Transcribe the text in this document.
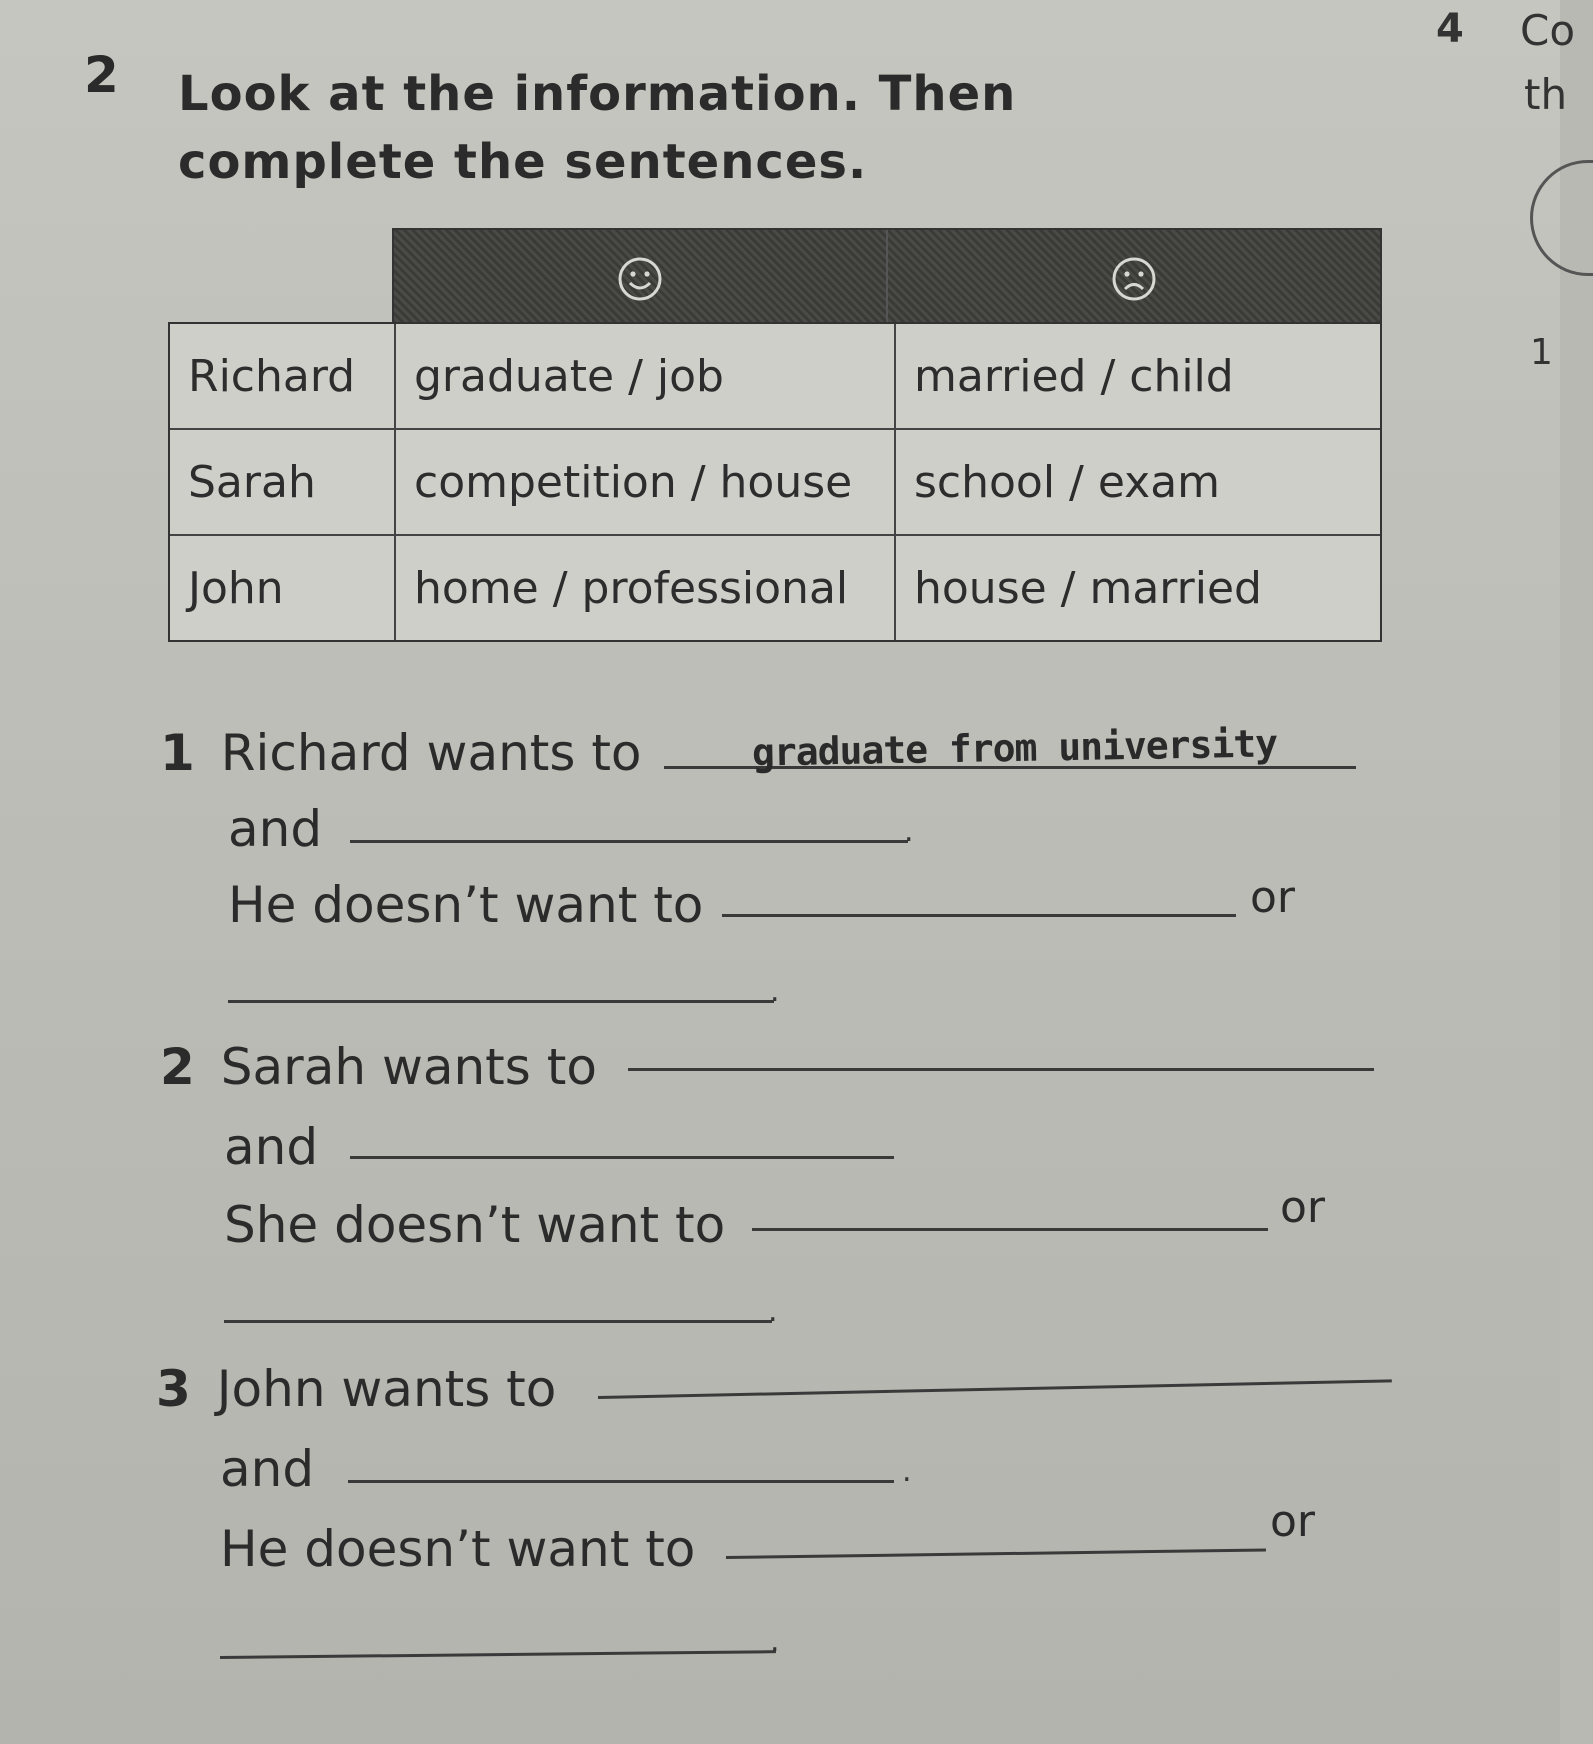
4 Co
th
1
2 Look at the information. Then complete the sentences.
Richard	graduate / job	married / child
Sarah	competition / house	school / exam
John	home / professional	house / married
1 Richard wants to	graduate from university
and	.
He doesn’t want to	or
.
2 Sarah wants to
and
She doesn’t want to	or
.
3 John wants to
and	.
He doesn’t want to	or
.
